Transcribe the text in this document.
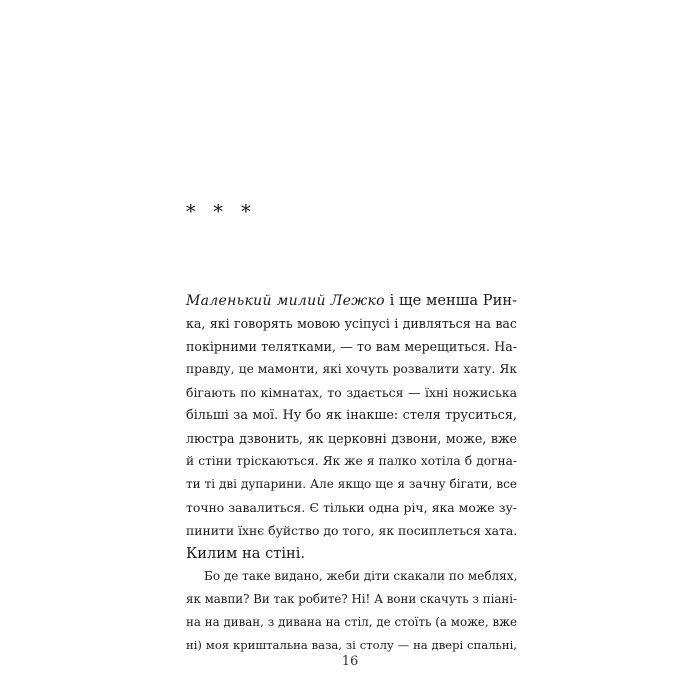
* * *
Маленький милий Лежко і ще менша Рин-
ка, які говорять мовою усіпусі і дивляться на вас
покірними телятками, — то вам мерещиться. На-
правду, це мамонти, які хочуть розвалити хату. Як
бігають по кімнатах, то здається — їхні ножиська
більші за мої. Ну бо як інакше: стеля труситься,
люстра дзвонить, як церковні дзвони, може, вже
й стіни тріскаються. Як же я палко хотіла б догна-
ти ті дві дупарини. Але якщо ще я зачну бігати, все
точно завалиться. Є тільки одна річ, яка може зу-
пинити їхнє буйство до того, як посиплеться хата.
Килим на стіні.
Бо де таке видано, жеби діти скакали по меблях,
як мавпи? Ви так робите? Ні! А вони скачуть з піані-
на на диван, з дивана на стіл, де стоїть (а може, вже
ні) моя криштальна ваза, зі столу — на двері спальні,
16
